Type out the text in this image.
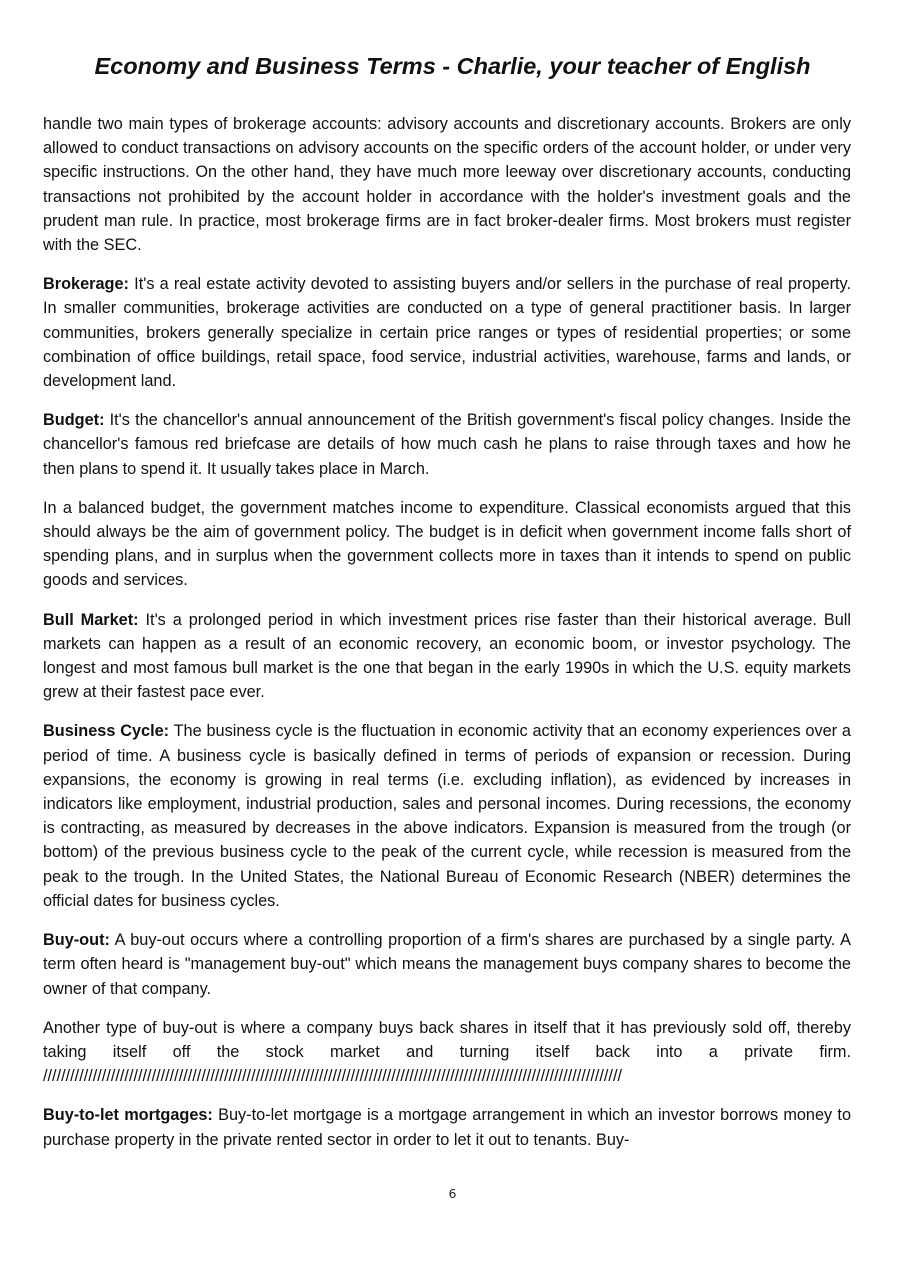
Economy and Business Terms - Charlie, your teacher of English

handle two main types of brokerage accounts: advisory accounts and discretionary accounts. Brokers are only allowed to conduct transactions on advisory accounts on the specific orders of the account holder, or under very specific instructions. On the other hand, they have much more leeway over discretionary accounts, conducting transactions not prohibited by the account holder in accordance with the holder's investment goals and the prudent man rule. In practice, most brokerage firms are in fact broker-dealer firms. Most brokers must register with the SEC.

Brokerage: It's a real estate activity devoted to assisting buyers and/or sellers in the purchase of real property. In smaller communities, brokerage activities are conducted on a type of general practitioner basis. In larger communities, brokers generally specialize in certain price ranges or types of residential properties; or some combination of office buildings, retail space, food service, industrial activities, warehouse, farms and lands, or development land.

Budget: It's the chancellor's annual announcement of the British government's fiscal policy changes. Inside the chancellor's famous red briefcase are details of how much cash he plans to raise through taxes and how he then plans to spend it. It usually takes place in March.

In a balanced budget, the government matches income to expenditure. Classical economists argued that this should always be the aim of government policy. The budget is in deficit when government income falls short of spending plans, and in surplus when the government collects more in taxes than it intends to spend on public goods and services.

Bull Market: It's a prolonged period in which investment prices rise faster than their historical average. Bull markets can happen as a result of an economic recovery, an economic boom, or investor psychology. The longest and most famous bull market is the one that began in the early 1990s in which the U.S. equity markets grew at their fastest pace ever.

Business Cycle: The business cycle is the fluctuation in economic activity that an economy experiences over a period of time. A business cycle is basically defined in terms of periods of expansion or recession. During expansions, the economy is growing in real terms (i.e. excluding inflation), as evidenced by increases in indicators like employment, industrial production, sales and personal incomes. During recessions, the economy is contracting, as measured by decreases in the above indicators. Expansion is measured from the trough (or bottom) of the previous business cycle to the peak of the current cycle, while recession is measured from the peak to the trough. In the United States, the National Bureau of Economic Research (NBER) determines the official dates for business cycles.

Buy-out: A buy-out occurs where a controlling proportion of a firm's shares are purchased by a single party. A term often heard is "management buy-out" which means the management buys company shares to become the owner of that company.

Another type of buy-out is where a company buys back shares in itself that it has previously sold off, thereby taking itself off the stock market and turning itself back into a private firm. ////////////////////////////////////////////////////////////////////////////////////////////////////////////////////////////////

Buy-to-let mortgages: Buy-to-let mortgage is a mortgage arrangement in which an investor borrows money to purchase property in the private rented sector in order to let it out to tenants. Buy-

6
